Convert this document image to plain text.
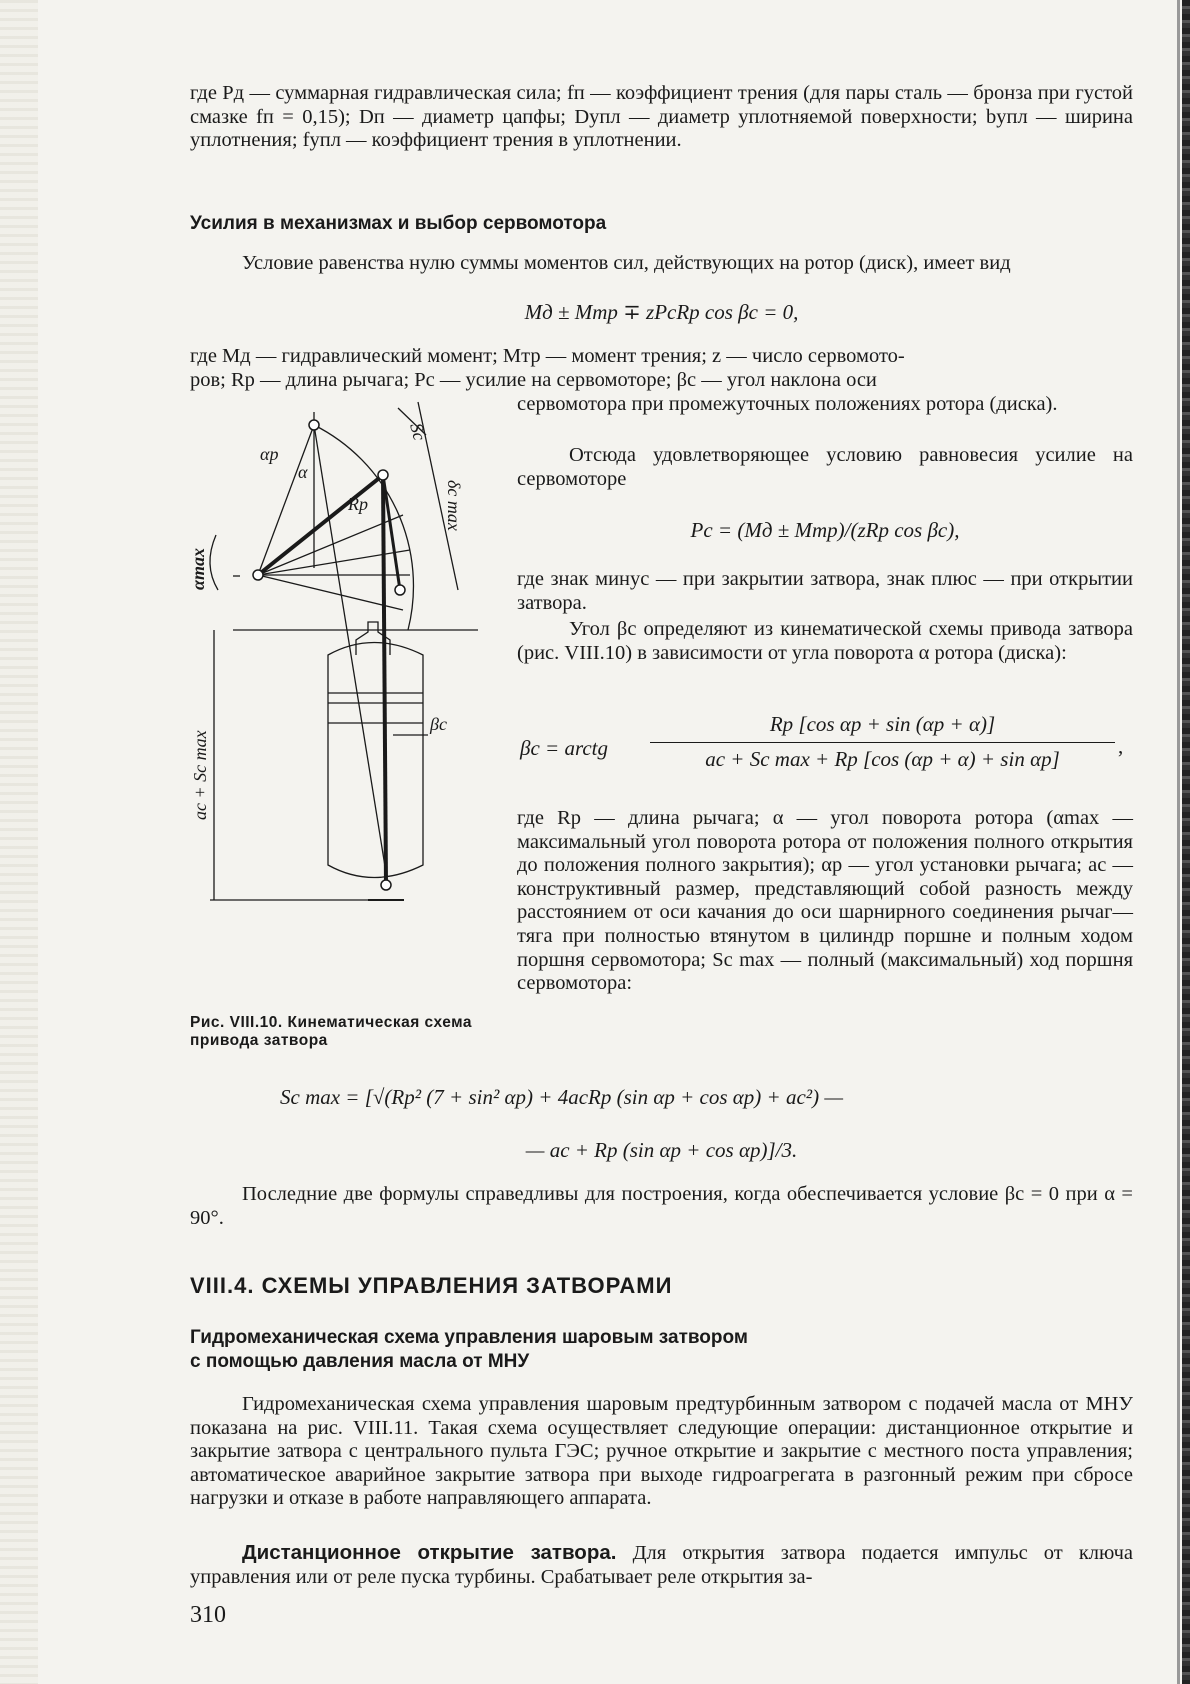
где Pд — суммарная гидравлическая сила; fп — коэффициент трения (для пары сталь — бронза при густой смазке fп = 0,15); Dп — диаметр цапфы; Dупл — диаметр уплотняемой поверхности; bупл — ширина уплотнения; fупл — коэффициент трения в уплотнении.

Усилия в механизмах и выбор сервомотора

Условие равенства нулю суммы моментов сил, действующих на ротор (диск), имеет вид

Mд ± Mтр ∓ zPcRp cos βc = 0,
где Mд — гидравлический момент; Mтр — момент трения; z — число сервомото-
ров; Rр — длина рычага; Pс — усилие на сервомоторе; βс — угол наклона оси
сервомотора при промежуточных положениях ротора (диска).

Отсюда удовлетворяющее условию равновесия усилие на сервомоторе

Pc = (Mд ± Mтр)/(zRp cos βc),

где знак минус — при закрытии затвора, знак плюс — при открытии затвора.

Угол βс определяют из кинематической схемы привода затвора (рис. VIII.10) в зависимости от угла поворота α ротора (диска):

βc = arctg
Rp [cos αp + sin (αp + α)]
ac + Sc max + Rp [cos (αp + α) + sin αp]
,

где Rр — длина рычага; α — угол поворота ротора (αmax — максимальный угол поворота ротора от положения полного открытия до положения полного закрытия); αр — угол установки рычага; ac — конструктивный размер, представляющий собой разность между расстоянием от оси качания до оси шарнирного соединения рычаг—тяга при полностью втянутом в цилиндр поршне и полным ходом поршня сервомотора; Sc max — полный (максимальный) ход поршня сервомотора:

αp
α
Rp
Sc
δc max
αmax
βc
ac + Sc max
Рис. VIII.10. Кинематическая схема привода затвора
Sc max = [√(Rp² (7 + sin² αp) + 4acRp (sin αp + cos αp) + ac²) —
— ac + Rp (sin αp + cos αp)]/3.

Последние две формулы справедливы для построения, когда обеспечивается условие βс = 0 при α = 90°.

VIII.4. СХЕМЫ УПРАВЛЕНИЯ ЗАТВОРАМИ
Гидромеханическая схема управления шаровым затвором
с помощью давления масла от МНУ

Гидромеханическая схема управления шаровым предтурбинным затвором с подачей масла от МНУ показана на рис. VIII.11. Такая схема осуществляет следующие операции: дистанционное открытие и закрытие затвора с центрального пульта ГЭС; ручное открытие и закрытие с местного поста управления; автоматическое аварийное закрытие затвора при выходе гидроагрегата в разгонный режим при сбросе нагрузки и отказе в работе направляющего аппарата.

Дистанционное открытие затвора. Для открытия затвора подается импульс от ключа управления или от реле пуска турбины. Срабатывает реле открытия за-

310
